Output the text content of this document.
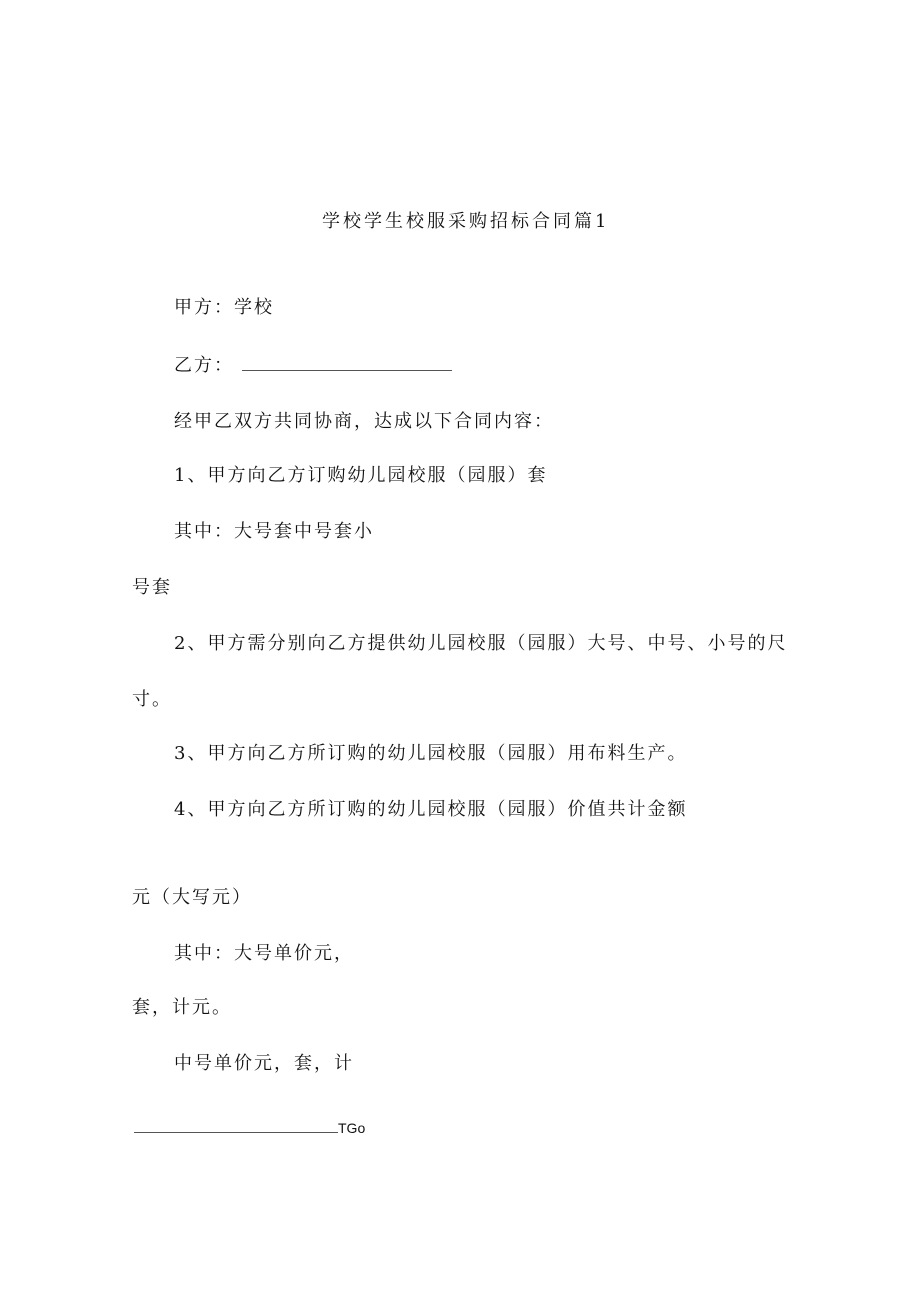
学校学生校服采购招标合同篇1
甲方：学校
乙方：
经甲乙双方共同协商，达成以下合同内容：
1、甲方向乙方订购幼儿园校服（园服）套
其中：大号套中号套小
号套
2、甲方需分别向乙方提供幼儿园校服（园服）大号、中号、小号的尺
寸。
3、甲方向乙方所订购的幼儿园校服（园服）用布料生产。
4、甲方向乙方所订购的幼儿园校服（园服）价值共计金额
元（大写元）
其中：大号单价元，
套，计元。
中号单价元，套，计
TGo
